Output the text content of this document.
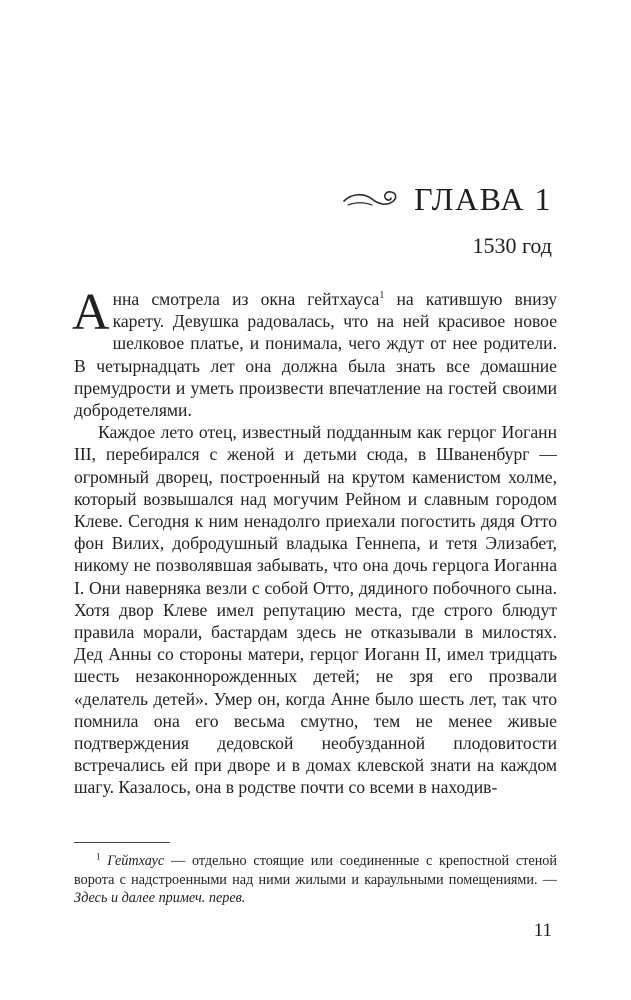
ГЛАВА 1
1530 год

Анна смотрела из окна гейтхауса$^1$ на катившую внизу карету. Девушка радовалась, что на ней красивое новое шелковое платье, и понимала, чего ждут от нее родители. В четырнадцать лет она должна была знать все домашние премудрости и уметь произвести впечатление на гостей своими добродетелями.

Каждое лето отец, известный подданным как герцог Иоганн III, перебирался с женой и детьми сюда, в Шваненбург — огромный дворец, построенный на крутом каменистом холме, который возвышался над могучим Рейном и славным городом Клеве. Сегодня к ним ненадолго приехали погостить дядя Отто фон Вилих, добродушный владыка Геннепа, и тетя Элизабет, никому не позволявшая забывать, что она дочь герцога Иоганна I. Они наверняка везли с собой Отто, дядиного побочного сына. Хотя двор Клеве имел репутацию места, где строго блюдут правила морали, бастардам здесь не отказывали в милостях. Дед Анны со стороны матери, герцог Иоганн II, имел тридцать шесть незаконнорожденных детей; не зря его прозвали «делатель детей». Умер он, когда Анне было шесть лет, так что помнила она его весьма смутно, тем не менее живые подтверждения дедовской необузданной плодовитости встречались ей при дворе и в домах клевской знати на каждом шагу. Казалось, она в родстве почти со всеми в находив-

$^1$ Гейтхаус — отдельно стоящие или соединенные с крепостной стеной ворота с надстроенными над ними жилыми и караульными помещениями. — Здесь и далее примеч. перев.
11
